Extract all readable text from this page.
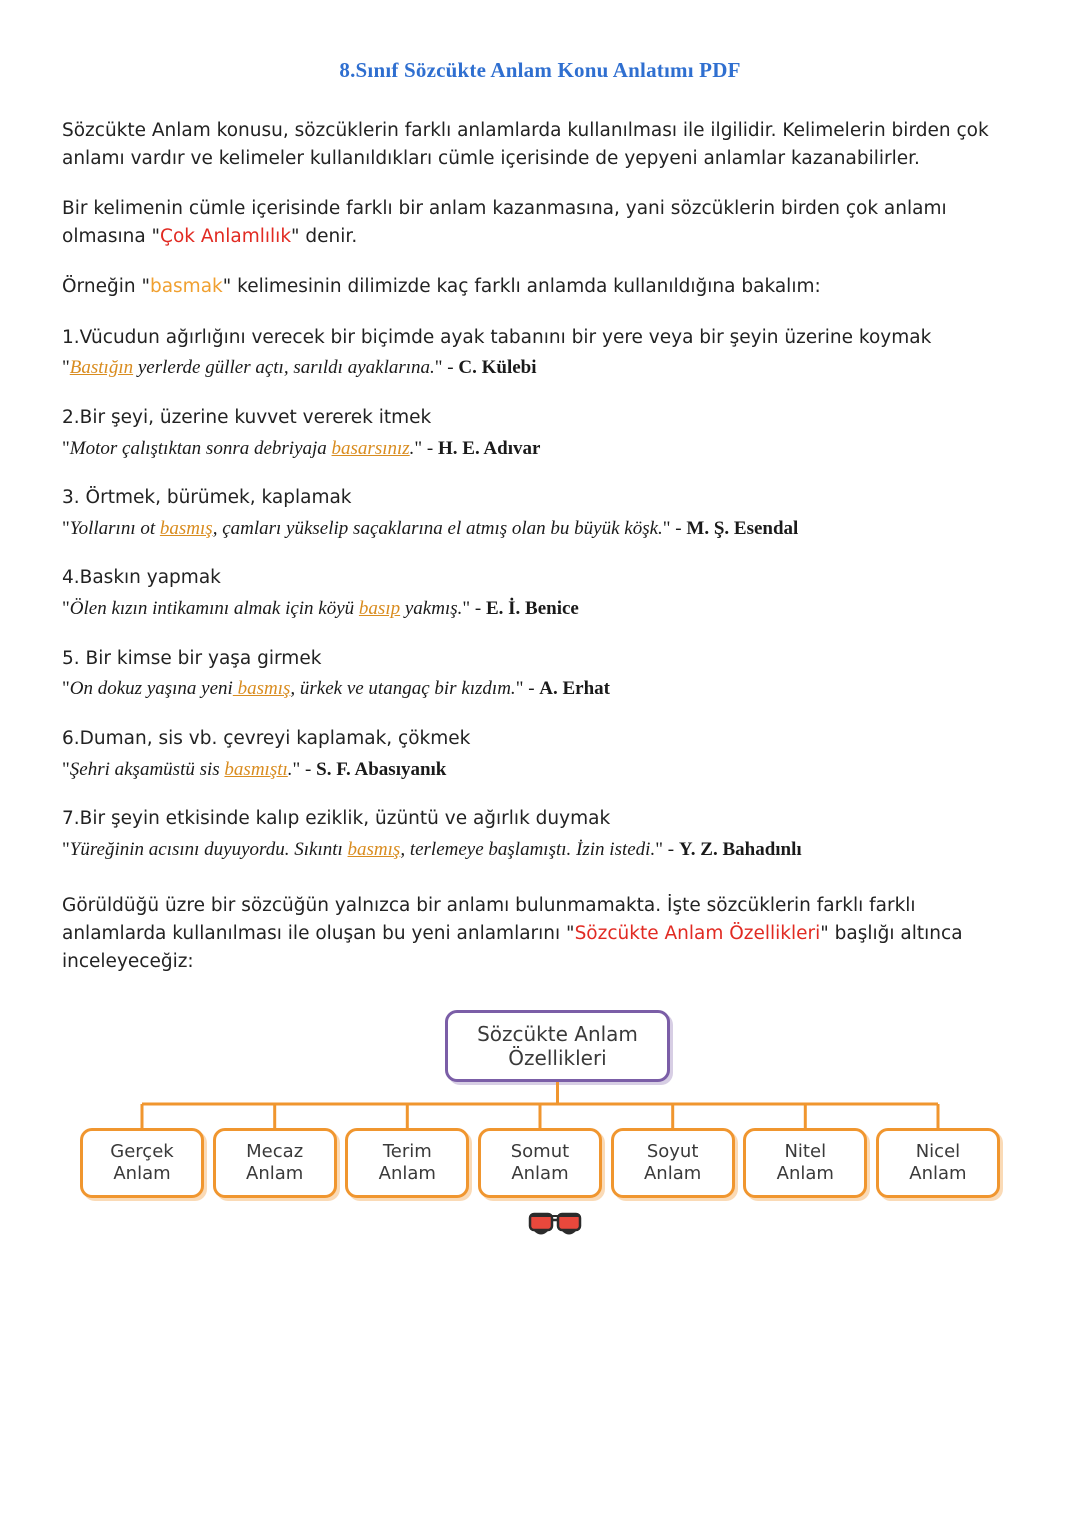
8.Sınıf Sözcükte Anlam Konu Anlatımı PDF

Sözcükte Anlam konusu, sözcüklerin farklı anlamlarda kullanılması ile ilgilidir. Kelimelerin birden çok anlamı vardır ve kelimeler kullanıldıkları cümle içerisinde de yepyeni anlamlar kazanabilirler.

Bir kelimenin cümle içerisinde farklı bir anlam kazanmasına, yani sözcüklerin birden çok anlamı olmasına "Çok Anlamlılık" denir.

Örneğin "basmak" kelimesinin dilimizde kaç farklı anlamda kullanıldığına bakalım:

1.Vücudun ağırlığını verecek bir biçimde ayak tabanını bir yere veya bir şeyin üzerine koymak
"Bastığın yerlerde güller açtı, sarıldı ayaklarına." - C. Külebi
2.Bir şeyi, üzerine kuvvet vererek itmek
"Motor çalıştıktan sonra debriyaja basarsınız." - H. E. Adıvar
3. Örtmek, bürümek, kaplamak
"Yollarını ot basmış, çamları yükselip saçaklarına el atmış olan bu büyük köşk." - M. Ş. Esendal
4.Baskın yapmak
"Ölen kızın intikamını almak için köyü basıp yakmış." - E. İ. Benice
5. Bir kimse bir yaşa girmek
"On dokuz yaşına yeni basmış, ürkek ve utangaç bir kızdım." - A. Erhat
6.Duman, sis vb. çevreyi kaplamak, çökmek
"Şehri akşamüstü sis basmıştı." - S. F. Abasıyanık
7.Bir şeyin etkisinde kalıp eziklik, üzüntü ve ağırlık duymak
"Yüreğinin acısını duyuyordu. Sıkıntı basmış, terlemeye başlamıştı. İzin istedi." - Y. Z. Bahadınlı

Görüldüğü üzre bir sözcüğün yalnızca bir anlamı bulunmamakta. İşte sözcüklerin farklı farklı anlamlarda kullanılması ile oluşan bu yeni anlamlarını "Sözcükte Anlam Özellikleri" başlığı altınca inceleyeceğiz:

Sözcükte Anlam
Özellikleri
Gerçek
Anlam
Mecaz
Anlam
Terim
Anlam
Somut
Anlam
Soyut
Anlam
Nitel
Anlam
Nicel
Anlam
